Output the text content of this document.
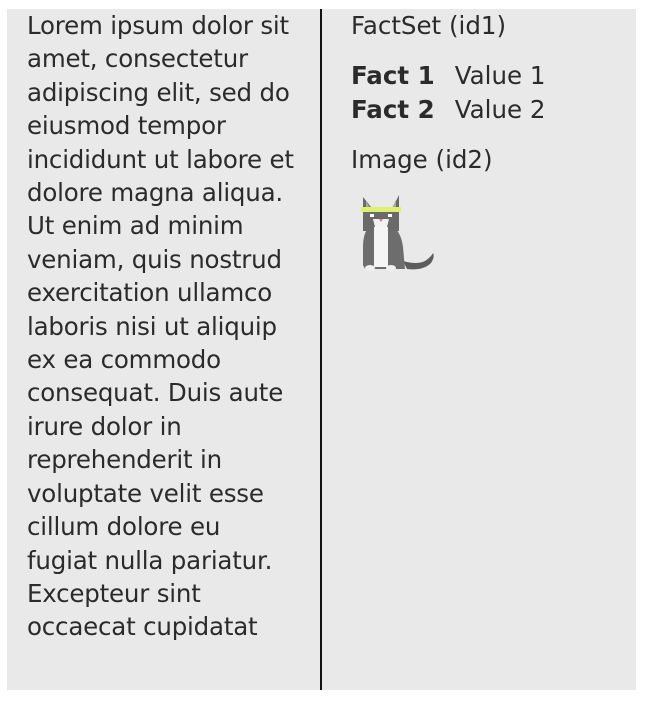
Lorem ipsum dolor sit amet, consectetur adipiscing elit, sed do eiusmod tempor incididunt ut labore et dolore magna aliqua. Ut enim ad minim veniam, quis nostrud exercitation ullamco laboris nisi ut aliquip ex ea commodo consequat. Duis aute irure dolor in reprehenderit in voluptate velit esse cillum dolore eu fugiat nulla pariatur. Excepteur sint occaecat cupidatat

FactSet (id1)
Fact 1 Value 1
Fact 2 Value 2
Image (id2)
